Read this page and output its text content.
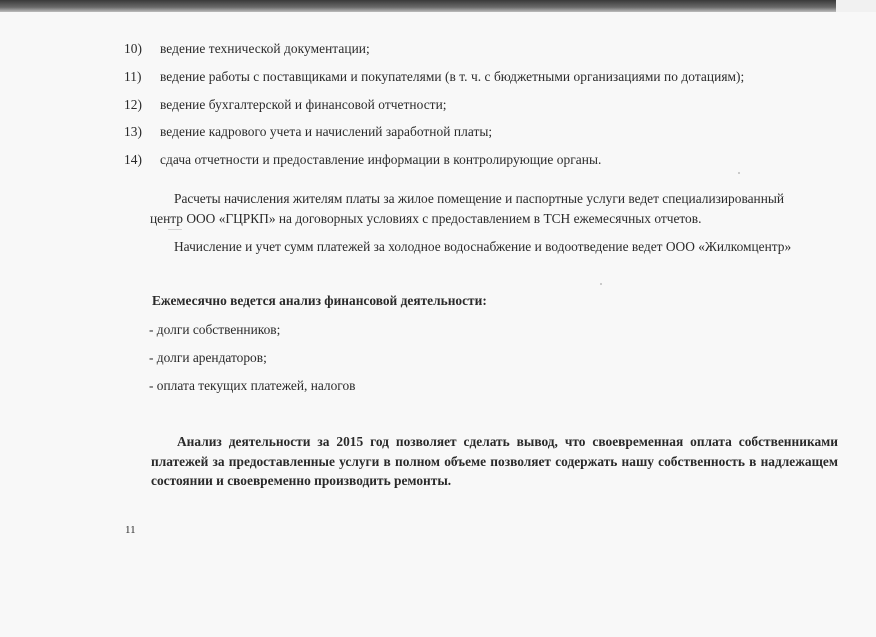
10)	ведение технической документации;
11)	ведение работы с поставщиками и покупателями (в т. ч. с бюджетными организациями по дотациям);
12)	ведение бухгалтерской и финансовой отчетности;
13)	ведение кадрового учета и начислений заработной платы;
14)	сдача отчетности и предоставление информации в контролирующие органы.

Расчеты начисления жителям платы за жилое помещение и паспортные услуги ведет специализированный центр ООО «ГЦРКП» на договорных условиях с предоставлением в ТСН ежемесячных отчетов.

Начисление и учет сумм платежей за холодное водоснабжение и водоотведение ведет ООО «Жилкомцентр»

Ежемесячно ведется анализ финансовой деятельности:

- долги собственников;
- долги арендаторов;
- оплата текущих платежей, налогов

Анализ деятельности за 2015 год позволяет сделать вывод, что своевременная оплата собственниками платежей за предоставленные услуги в полном объеме позволяет содержать нашу собственность в надлежащем состоянии и своевременно производить ремонты.

11
